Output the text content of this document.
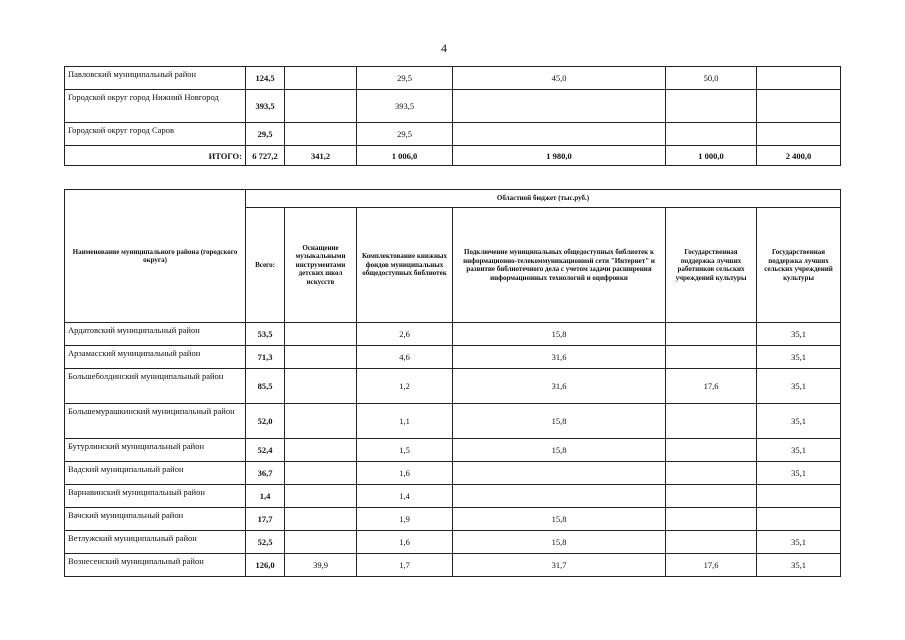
4
Павловский муниципальный район	124,5		29,5	45,0	50,0	
Городской округ город Нижний Новгород	393,5		393,5			
Городской округ город Саров	29,5		29,5			
ИТОГО:	6 727,2	341,2	1 006,0	1 980,0	1 000,0	2 400,0
Наименование муниципального района (городского округа)	Областной бюджет (тыс.руб.)					
	Всего:	Оснащение музыкальными инструментами детских школ искусств	Комплектование книжных фондов муниципальных общедоступных библиотек	Подключение муниципальных общедоступных библиотек к информационно-телекоммуникационной сети "Интернет" и развитие библиотечного дела с учетом задачи расширения информационных технологий и оцифровки	Государственная поддержка лучших работников сельских учреждений культуры	Государственная поддержка лучших сельских учреждений культуры
Ардатовский муниципальный район	53,5		2,6	15,8		35,1
Арзамасский муниципальный район	71,3		4,6	31,6		35,1
Большеболдинский муниципальный район	85,5		1,2	31,6	17,6	35,1
Большемурашкинский муниципальный район	52,0		1,1	15,8		35,1
Бутурлинский муниципальный район	52,4		1,5	15,8		35,1
Вадский муниципальный район	36,7		1,6			35,1
Варнавинский муниципальный район	1,4		1,4			
Вачский муниципальный район	17,7		1,9	15,8		
Ветлужский муниципальный район	52,5		1,6	15,8		35,1
Вознесенский муниципальный район	126,0	39,9	1,7	31,7	17,6	35,1
